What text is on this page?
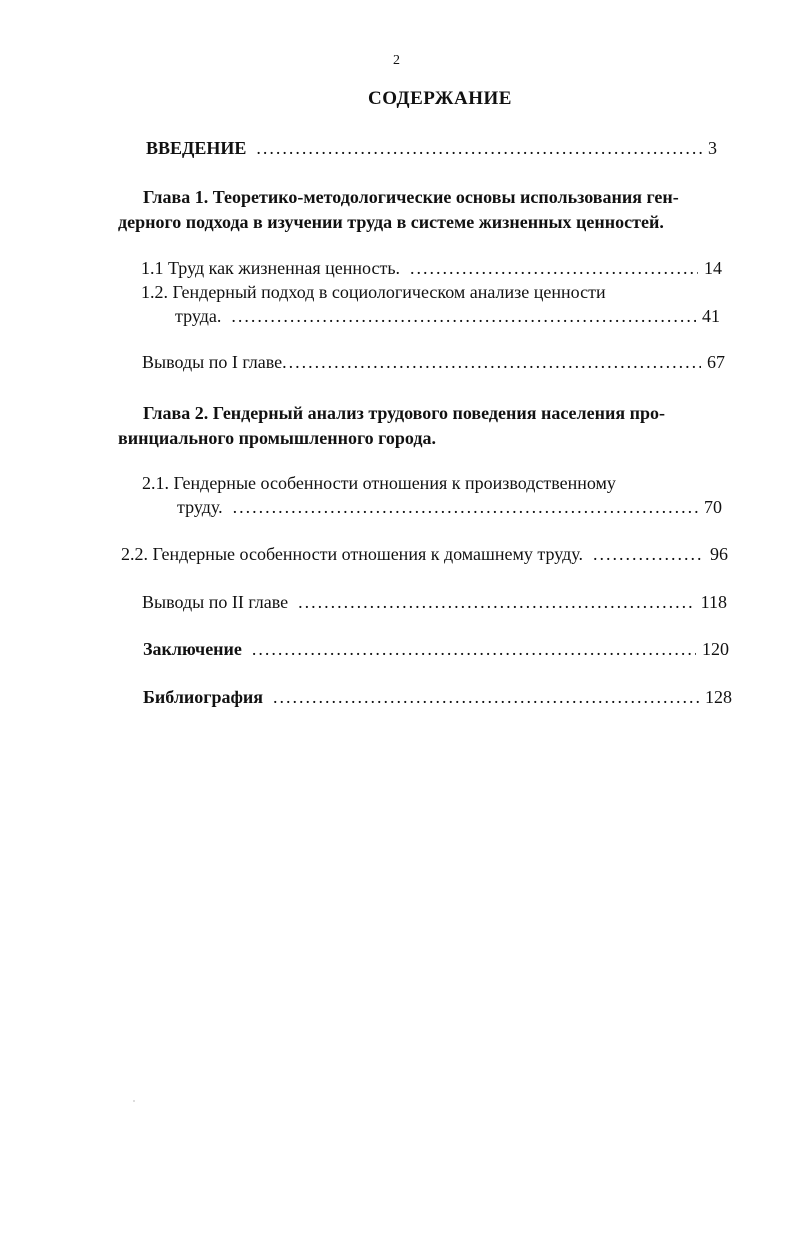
2
СОДЕРЖАНИЕ
ВВЕДЕНИЕ .....	3
Глава 1. Теоретико-методологические основы использования ген-
дерного подхода в изучении труда в системе жизненных ценностей.
1.1 Труд как жизненная ценность. .....	14
1.2. Гендерный подход в социологическом анализе ценности
труда. .....	41
Выводы по I главе .....	67
Глава 2. Гендерный анализ трудового поведения населения про-
винциального промышленного города.
2.1. Гендерные особенности отношения к производственному
труду. .....	70
2.2. Гендерные особенности отношения к домашнему труду. .....	96
Выводы по II главе .....	118
Заключение .....	120
Библиография .....	128
